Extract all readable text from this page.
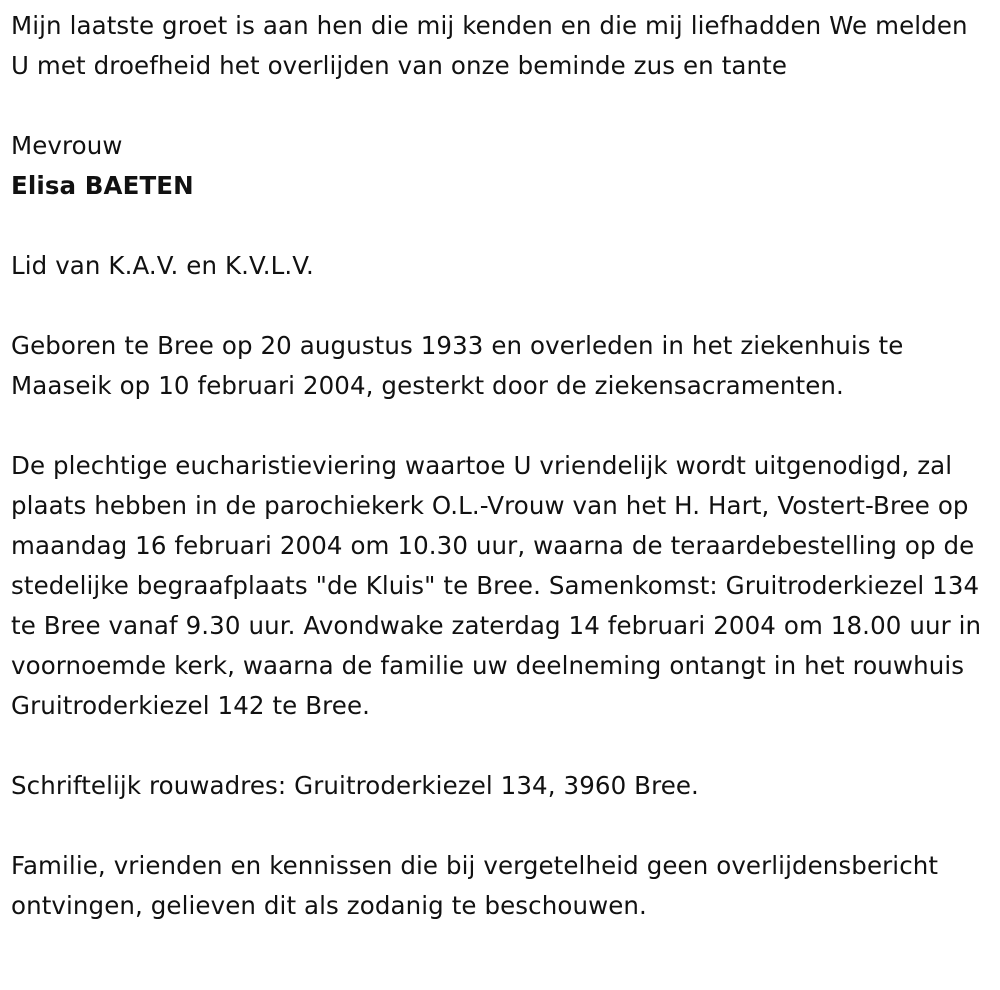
Mijn laatste groet is aan hen die mij kenden en die mij liefhadden We melden U met droefheid het overlijden van onze beminde zus en tante

Mevrouw

Elisa BAETEN

Lid van K.A.V. en K.V.L.V.

Geboren te Bree op 20 augustus 1933 en overleden in het ziekenhuis te Maaseik op 10 februari 2004, gesterkt door de ziekensacramenten.

De plechtige eucharistieviering waartoe U vriendelijk wordt uitgenodigd, zal plaats hebben in de parochiekerk O.L.-Vrouw van het H. Hart, Vostert-Bree op maandag 16 februari 2004 om 10.30 uur, waarna de teraardebestelling op de stedelijke begraafplaats "de Kluis" te Bree. Samenkomst: Gruitroderkiezel 134 te Bree vanaf 9.30 uur. Avondwake zaterdag 14 februari 2004 om 18.00 uur in voornoemde kerk, waarna de familie uw deelneming ontangt in het rouwhuis Gruitroderkiezel 142 te Bree.

Schriftelijk rouwadres: Gruitroderkiezel 134, 3960 Bree.

Familie, vrienden en kennissen die bij vergetelheid geen overlijdensbericht ontvingen, gelieven dit als zodanig te beschouwen.
